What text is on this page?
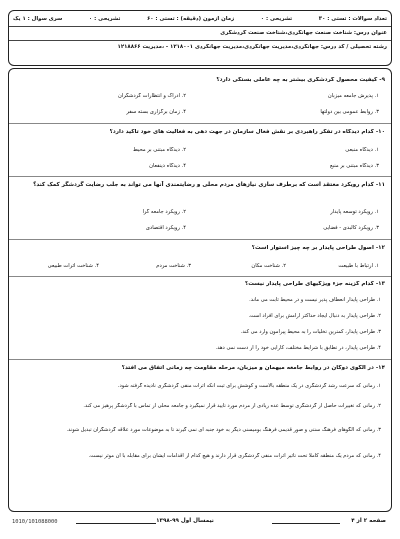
تعداد سوالات : تستی : ۳۰
تشریحی : ۰
زمان آزمون (دقیقه) : تستی : ۶۰
تشریحی : ۰
سری سوال : ۱ یک
عنوان درس: شناخت صنعت جهانگردی،شناخت صنعت گردشگری
رشته تحصیلی / کد درس: جهانگردی،مدیریت جهانگردی،مدیریت جهانگردی ۱۲۱۸۰۰۱ - ،مدیریت ۱۲۱۸۸۶۶
۹- کیفیت محصول گردشگری بیشتر به چه عاملی بستگی دارد؟
۱. پذیرش جامعه میزبان
۲. ادراک و انتظارات گردشگران
۳. روابط عمومی بین دولتها
۴. زمان برگزاری بسته سفر
۱۰- کدام دیدگاه در تفکر راهبردی بر نقش فعال سازمان در جهت دهی به فعالیت های خود تاکید دارد؟
۱. دیدگاه منبعی
۲. دیدگاه مبتنی بر محیط
۳. دیدگاه مبتنی بر منبع
۴. دیدگاه ذینفعان
۱۱- کدام رویکرد معتقد است که برطرف سازی نیازهای مردم محلی و رضایتمندی آنها می تواند به جلب رضایت گردشگر کمک کند؟
۱. رویکرد توسعه پایدار
۲. رویکرد جامعه گرا
۳. رویکرد کالبدی - فضایی
۴. رویکرد اقتصادی
۱۲- اصول طراحی پایدار بر چه چیز استوار است؟
۱. ارتباط با طبیعت
۲. شناخت مکان
۳. شناخت مردم
۴. شناخت اثرات طبیعی
۱۳- کدام گزینه جزء ویژگیهای طراحی پایدار نیست؟
۱. طراحی پایدار انعطاف پذیر نیست و در محیط ثابت می ماند.
۲. طراحی پایدار به دنبال ایجاد حداکثر آرامش برای افراد است.
۳. طراحی پایدار، کمترین تخلیات را به محیط پیرامون وارد می کند.
۴. طراحی پایدار، در تطابق با شرایط مختلف، کارایی خود را از دست نمی دهد.
۱۴- در الگوی دوگان در روابط جامعه میهمان و میزبان، مرحله مقاومت چه زمانی اتفاق می افتد؟
۱. زمانی که سرعت رشد گردشگری در یک منطقه بالاست و کوشش برای ثبت آنکه اثرات منفی گردشگری نادیده گرفته شود.
۲. زمانی که تغییرات حاصل از گردشگری توسط عده زیادی از مردم مورد تایید قرار نمیگیرد و جامعه محلی از تماس با گردشگر پرهیز می کند.
۳. زمانی که الگوهای فرهنگ سنتی و صور قدیمی فرهنگ بومیسنی دیگر به خود جنبه ای نمی گیرند تا به موضوعات مورد علاقه گردشگران تبدیل شوند.
۴. زمانی که مردم یک منطقه کاملا تحت تاثیر اثرات منفی گردشگری قرار دارند و هیچ کدام از اقدامات ایشان برای مقابله با آن موثر نیست.
صفحه ۲ از ۴
نیمسال اول ۹۹-۱۳۹۸
1010/101088000
